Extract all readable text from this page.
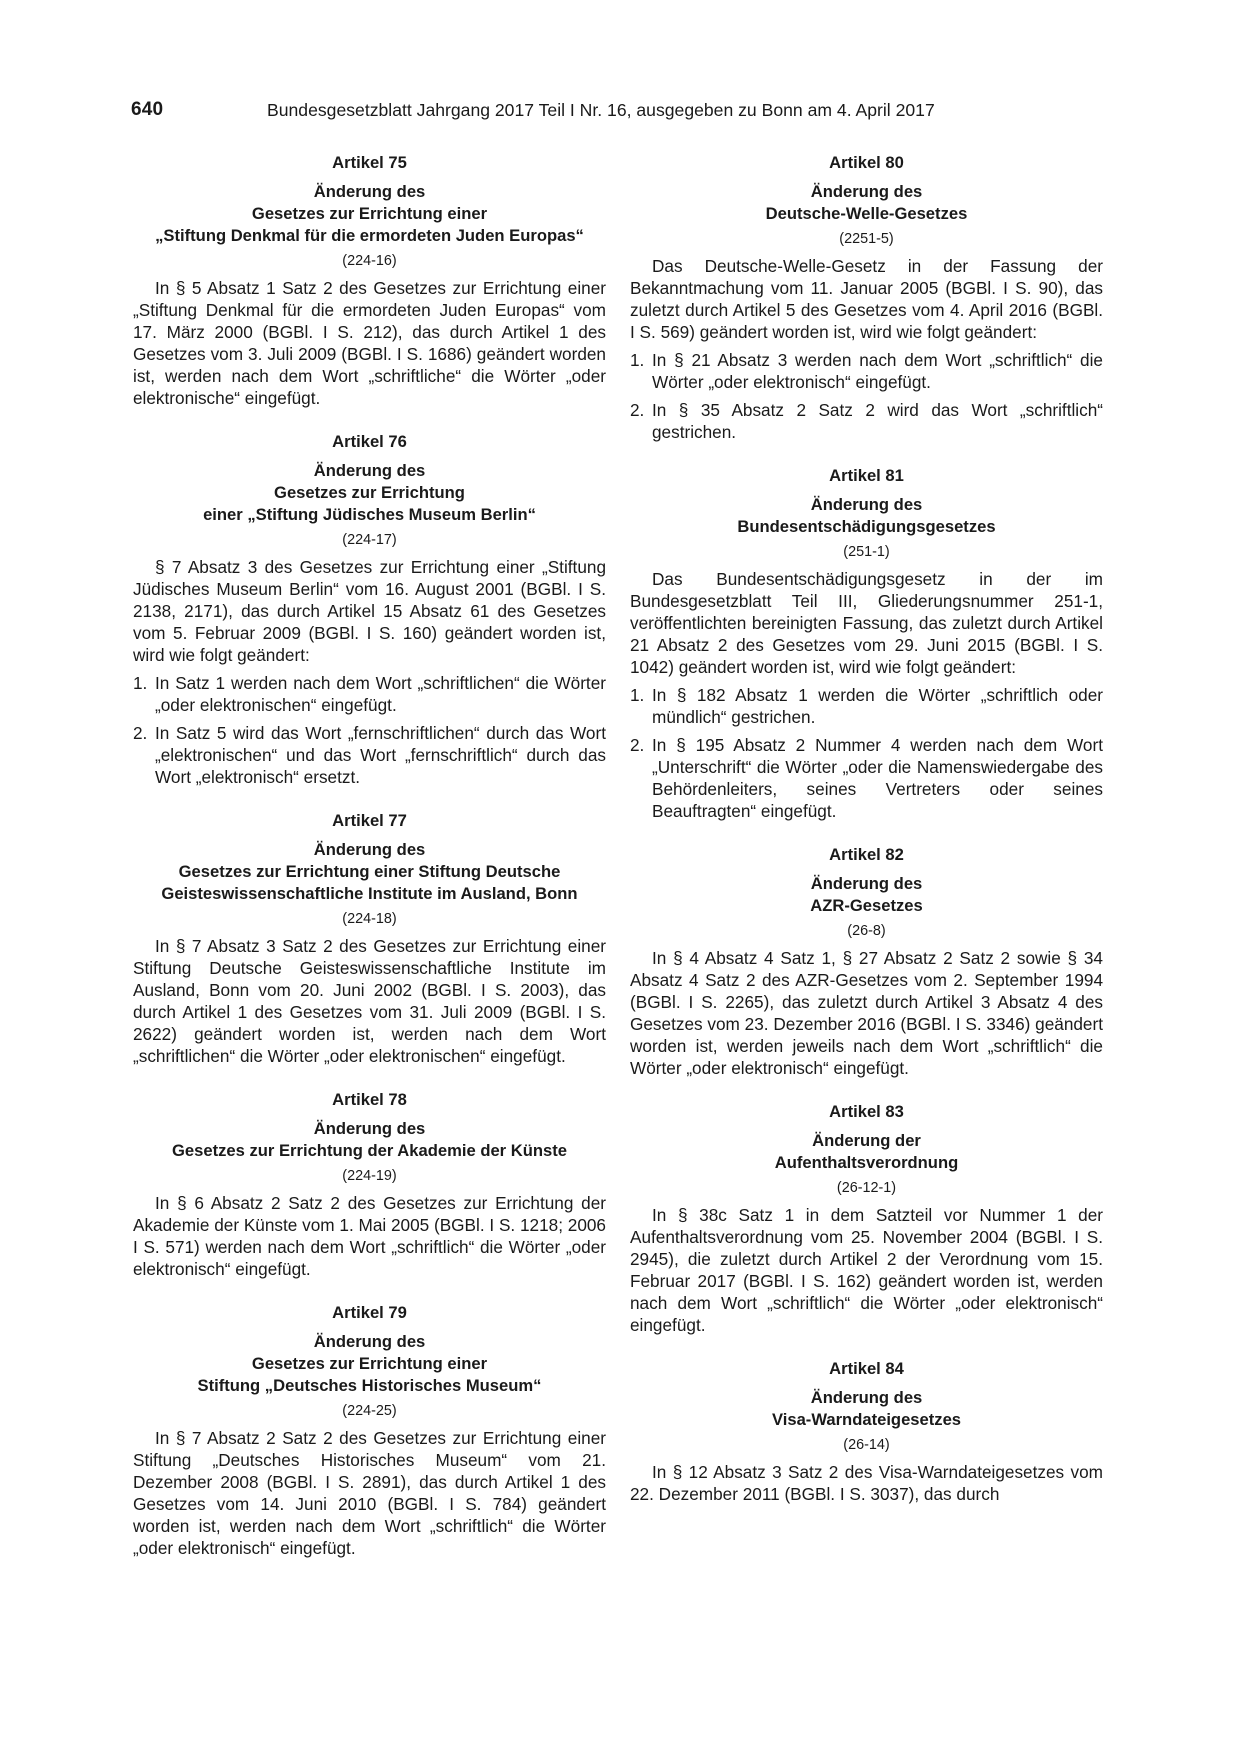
640	Bundesgesetzblatt Jahrgang 2017 Teil I Nr. 16, ausgegeben zu Bonn am 4. April 2017
Artikel 75
Änderung des
Gesetzes zur Errichtung einer
„Stiftung Denkmal für die ermordeten Juden Europas“
(224-16)

In § 5 Absatz 1 Satz 2 des Gesetzes zur Errichtung einer „Stiftung Denkmal für die ermordeten Juden Europas“ vom 17. März 2000 (BGBl. I S. 212), das durch Artikel 1 des Gesetzes vom 3. Juli 2009 (BGBl. I S. 1686) geändert worden ist, werden nach dem Wort „schriftliche“ die Wörter „oder elektronische“ eingefügt.

Artikel 76
Änderung des
Gesetzes zur Errichtung
einer „Stiftung Jüdisches Museum Berlin“
(224-17)

§ 7 Absatz 3 des Gesetzes zur Errichtung einer „Stiftung Jüdisches Museum Berlin“ vom 16. August 2001 (BGBl. I S. 2138, 2171), das durch Artikel 15 Absatz 61 des Gesetzes vom 5. Februar 2009 (BGBl. I S. 160) geändert worden ist, wird wie folgt geändert:

1. In Satz 1 werden nach dem Wort „schriftlichen“ die Wörter „oder elektronischen“ eingefügt.
2. In Satz 5 wird das Wort „fernschriftlichen“ durch das Wort „elektronischen“ und das Wort „fernschriftlich“ durch das Wort „elektronisch“ ersetzt.
Artikel 77
Änderung des
Gesetzes zur Errichtung einer Stiftung Deutsche
Geisteswissenschaftliche Institute im Ausland, Bonn
(224-18)

In § 7 Absatz 3 Satz 2 des Gesetzes zur Errichtung einer Stiftung Deutsche Geisteswissenschaftliche Institute im Ausland, Bonn vom 20. Juni 2002 (BGBl. I S. 2003), das durch Artikel 1 des Gesetzes vom 31. Juli 2009 (BGBl. I S. 2622) geändert worden ist, werden nach dem Wort „schriftlichen“ die Wörter „oder elektronischen“ eingefügt.

Artikel 78
Änderung des
Gesetzes zur Errichtung der Akademie der Künste
(224-19)

In § 6 Absatz 2 Satz 2 des Gesetzes zur Errichtung der Akademie der Künste vom 1. Mai 2005 (BGBl. I S. 1218; 2006 I S. 571) werden nach dem Wort „schriftlich“ die Wörter „oder elektronisch“ eingefügt.

Artikel 79
Änderung des
Gesetzes zur Errichtung einer
Stiftung „Deutsches Historisches Museum“
(224-25)

In § 7 Absatz 2 Satz 2 des Gesetzes zur Errichtung einer Stiftung „Deutsches Historisches Museum“ vom 21. Dezember 2008 (BGBl. I S. 2891), das durch Artikel 1 des Gesetzes vom 14. Juni 2010 (BGBl. I S. 784) geändert worden ist, werden nach dem Wort „schriftlich“ die Wörter „oder elektronisch“ eingefügt.

Artikel 80
Änderung des
Deutsche-Welle-Gesetzes
(2251-5)

Das Deutsche-Welle-Gesetz in der Fassung der Bekanntmachung vom 11. Januar 2005 (BGBl. I S. 90), das zuletzt durch Artikel 5 des Gesetzes vom 4. April 2016 (BGBl. I S. 569) geändert worden ist, wird wie folgt geändert:

1. In § 21 Absatz 3 werden nach dem Wort „schriftlich“ die Wörter „oder elektronisch“ eingefügt.
2. In § 35 Absatz 2 Satz 2 wird das Wort „schriftlich“ gestrichen.
Artikel 81
Änderung des
Bundesentschädigungsgesetzes
(251-1)

Das Bundesentschädigungsgesetz in der im Bundesgesetzblatt Teil III, Gliederungsnummer 251-1, veröffentlichten bereinigten Fassung, das zuletzt durch Artikel 21 Absatz 2 des Gesetzes vom 29. Juni 2015 (BGBl. I S. 1042) geändert worden ist, wird wie folgt geändert:

1. In § 182 Absatz 1 werden die Wörter „schriftlich oder mündlich“ gestrichen.
2. In § 195 Absatz 2 Nummer 4 werden nach dem Wort „Unterschrift“ die Wörter „oder die Namenswiedergabe des Behördenleiters, seines Vertreters oder seines Beauftragten“ eingefügt.
Artikel 82
Änderung des
AZR-Gesetzes
(26-8)

In § 4 Absatz 4 Satz 1, § 27 Absatz 2 Satz 2 sowie § 34 Absatz 4 Satz 2 des AZR-Gesetzes vom 2. September 1994 (BGBl. I S. 2265), das zuletzt durch Artikel 3 Absatz 4 des Gesetzes vom 23. Dezember 2016 (BGBl. I S. 3346) geändert worden ist, werden jeweils nach dem Wort „schriftlich“ die Wörter „oder elektronisch“ eingefügt.

Artikel 83
Änderung der
Aufenthaltsverordnung
(26-12-1)

In § 38c Satz 1 in dem Satzteil vor Nummer 1 der Aufenthaltsverordnung vom 25. November 2004 (BGBl. I S. 2945), die zuletzt durch Artikel 2 der Verordnung vom 15. Februar 2017 (BGBl. I S. 162) geändert worden ist, werden nach dem Wort „schriftlich“ die Wörter „oder elektronisch“ eingefügt.

Artikel 84
Änderung des
Visa-Warndateigesetzes
(26-14)

In § 12 Absatz 3 Satz 2 des Visa-Warndateigesetzes vom 22. Dezember 2011 (BGBl. I S. 3037), das durch
